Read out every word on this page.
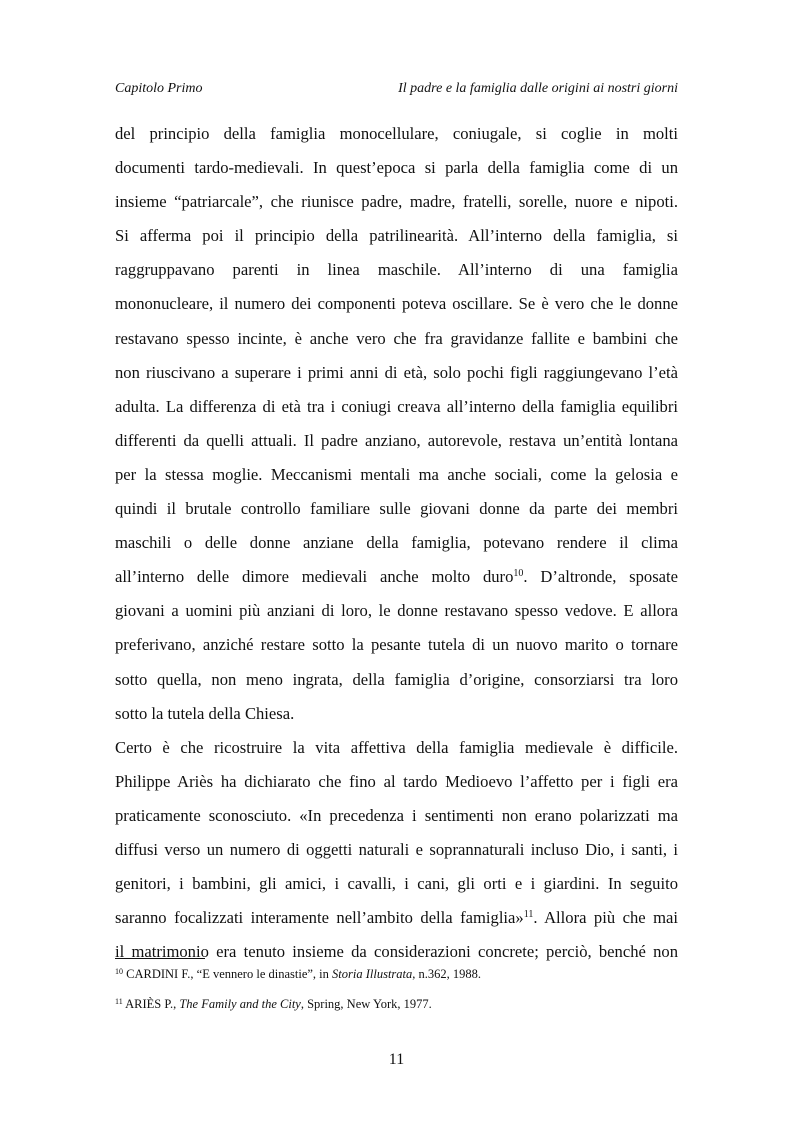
Capitolo Primo	Il padre e la famiglia dalle origini ai nostri giorni
del principio della famiglia monocellulare, coniugale, si coglie in molti
documenti tardo-medievali. In quest’epoca si parla della famiglia come di un
insieme “patriarcale”, che riunisce padre, madre, fratelli, sorelle, nuore e nipoti.
Si afferma poi il principio della patrilinearità. All’interno della famiglia, si
raggruppavano parenti in linea maschile. All’interno di una famiglia
mononucleare, il numero dei componenti poteva oscillare. Se è vero che le donne
restavano spesso incinte, è anche vero che fra gravidanze fallite e bambini che
non riuscivano a superare i primi anni di età, solo pochi figli raggiungevano l’età
adulta. La differenza di età tra i coniugi creava all’interno della famiglia equilibri
differenti da quelli attuali. Il padre anziano, autorevole, restava un’entità lontana
per la stessa moglie. Meccanismi mentali ma anche sociali, come la gelosia e
quindi il brutale controllo familiare sulle giovani donne da parte dei membri
maschili o delle donne anziane della famiglia, potevano rendere il clima
all’interno delle dimore medievali anche molto duro$^{10}$. D’altronde, sposate
giovani a uomini più anziani di loro, le donne restavano spesso vedove. E allora
preferivano, anziché restare sotto la pesante tutela di un nuovo marito o tornare
sotto quella, non meno ingrata, della famiglia d’origine, consorziarsi tra loro
sotto la tutela della Chiesa.
Certo è che ricostruire la vita affettiva della famiglia medievale è difficile.
Philippe Ariès ha dichiarato che fino al tardo Medioevo l’affetto per i figli era
praticamente sconosciuto. «In precedenza i sentimenti non erano polarizzati ma
diffusi verso un numero di oggetti naturali e soprannaturali incluso Dio, i santi, i
genitori, i bambini, gli amici, i cavalli, i cani, gli orti e i giardini. In seguito
saranno focalizzati interamente nell’ambito della famiglia»$^{11}$. Allora più che mai
il matrimonio era tenuto insieme da considerazioni concrete; perciò, benché non
$^{10}$ CARDINI F., “E vennero le dinastie”, in Storia Illustrata, n.362, 1988.
$^{11}$ ARIÈS P., The Family and the City, Spring, New York, 1977.
11
